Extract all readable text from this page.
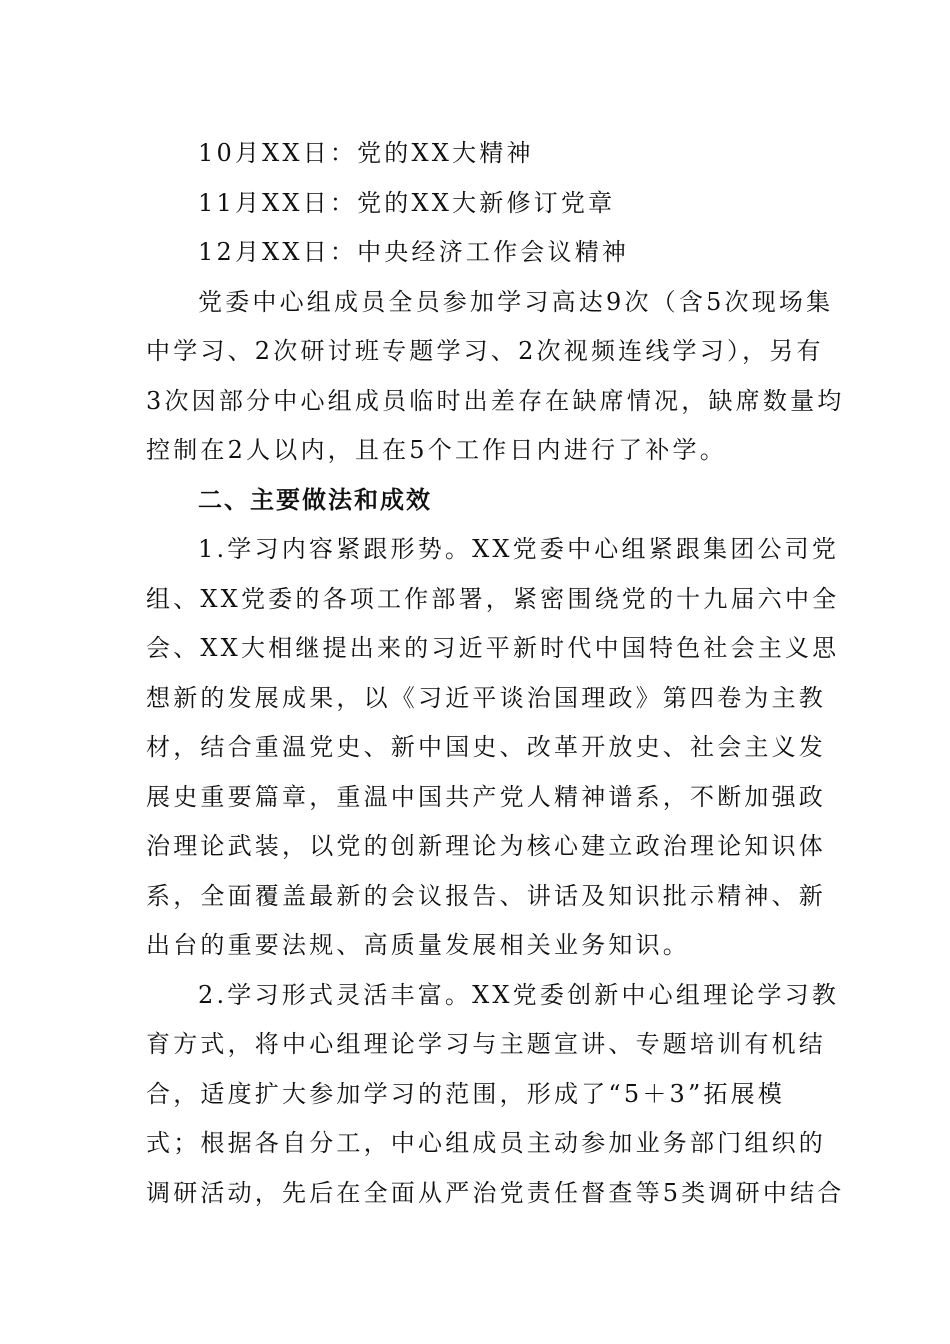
10月XX日：党的XX大精神
11月XX日：党的XX大新修订党章
12月XX日：中央经济工作会议精神
党委中心组成员全员参加学习高达9次（含5次现场集
中学习、2次研讨班专题学习、2次视频连线学习），另有
3次因部分中心组成员临时出差存在缺席情况，缺席数量均
控制在2人以内，且在5个工作日内进行了补学。
二、主要做法和成效
1.学习内容紧跟形势。XX党委中心组紧跟集团公司党
组、XX党委的各项工作部署，紧密围绕党的十九届六中全
会、XX大相继提出来的习近平新时代中国特色社会主义思
想新的发展成果，以《习近平谈治国理政》第四卷为主教
材，结合重温党史、新中国史、改革开放史、社会主义发
展史重要篇章，重温中国共产党人精神谱系，不断加强政
治理论武装，以党的创新理论为核心建立政治理论知识体
系，全面覆盖最新的会议报告、讲话及知识批示精神、新
出台的重要法规、高质量发展相关业务知识。
2.学习形式灵活丰富。XX党委创新中心组理论学习教
育方式，将中心组理论学习与主题宣讲、专题培训有机结
合，适度扩大参加学习的范围，形成了“5＋3”拓展模
式；根据各自分工，中心组成员主动参加业务部门组织的
调研活动，先后在全面从严治党责任督查等5类调研中结合
